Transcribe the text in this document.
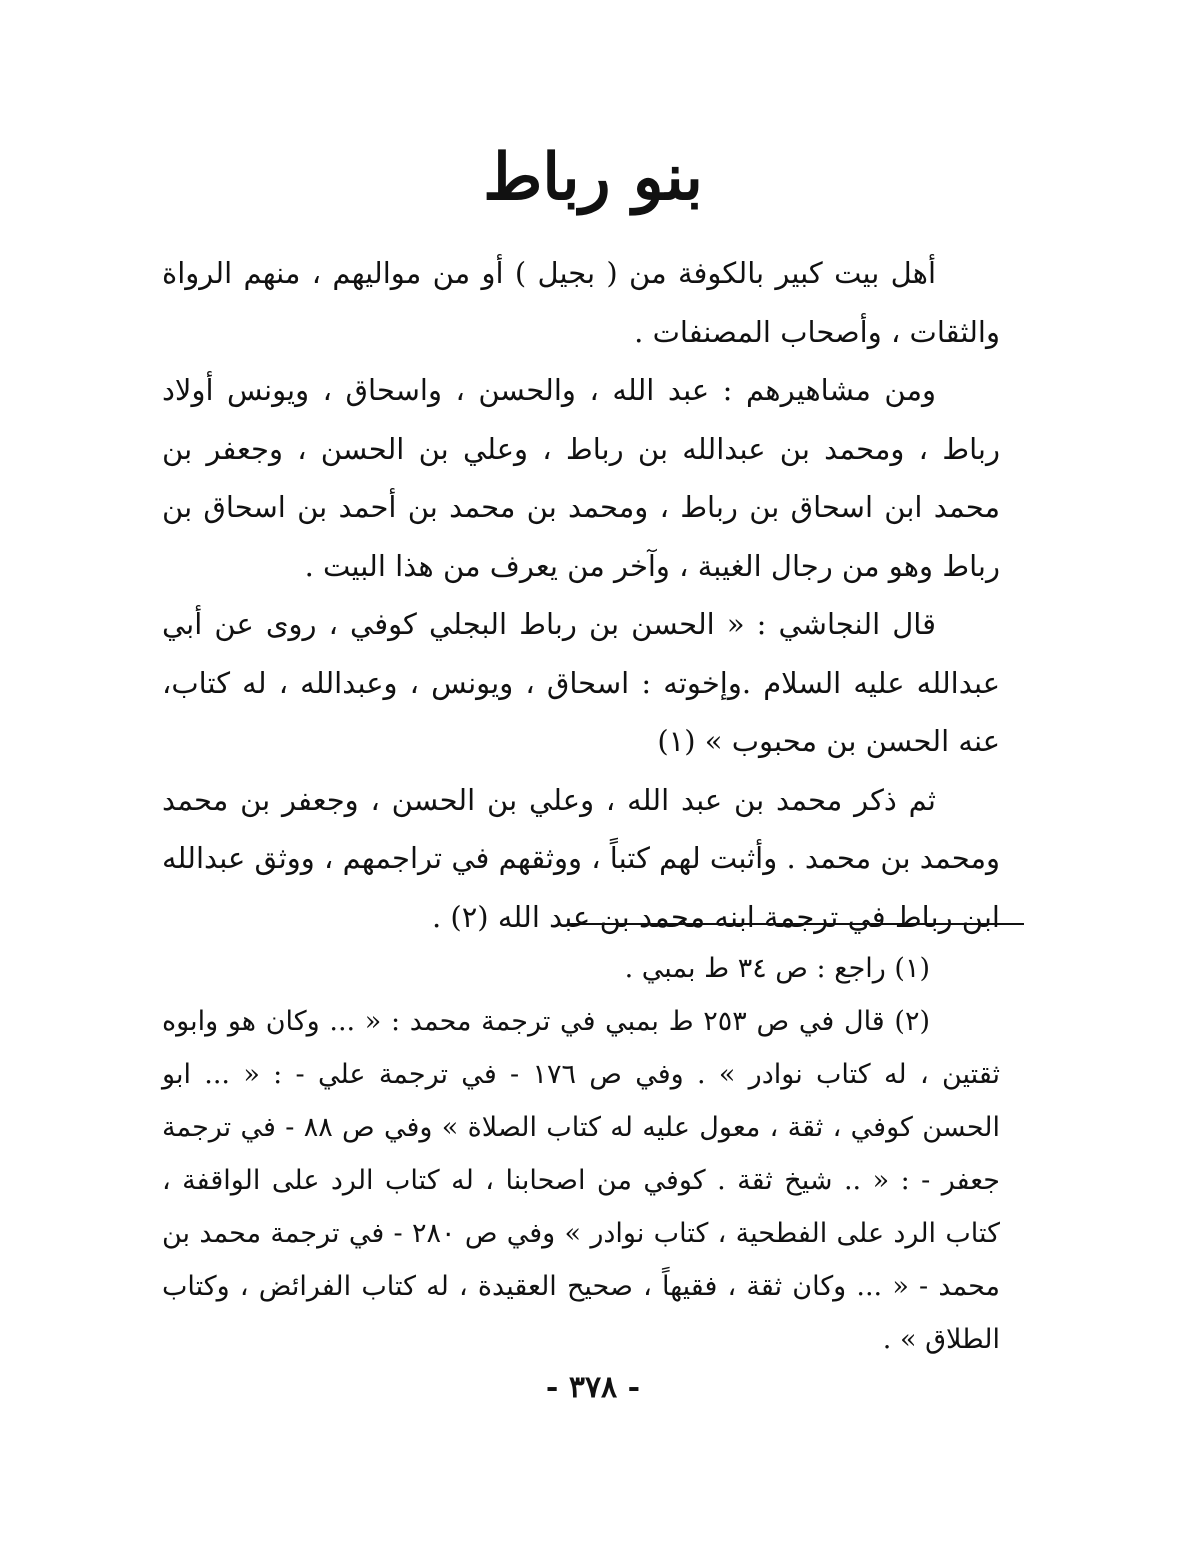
بنو رباط

أهل بيت كبير بالكوفة من ( بجيل ) أو من مواليهم ، منهم الرواة والثقات ، وأصحاب المصنفات .

ومن مشاهيرهم : عبد الله ، والحسن ، واسحاق ، ويونس أولاد رباط ، ومحمد بن عبدالله بن رباط ، وعلي بن الحسن ، وجعفر بن محمد ابن اسحاق بن رباط ، ومحمد بن محمد بن أحمد بن اسحاق بن رباط وهو من رجال الغيبة ، وآخر من يعرف من هذا البيت .

قال النجاشي : « الحسن بن رباط البجلي كوفي ، روى عن أبي عبدالله عليه السلام .وإخوته : اسحاق ، ويونس ، وعبدالله ، له كتاب، عنه الحسن بن محبوب » (١)

ثم ذكر محمد بن عبد الله ، وعلي بن الحسن ، وجعفر بن محمد ومحمد بن محمد . وأثبت لهم كتباً ، ووثقهم في تراجمهم ، ووثق عبدالله ابن رباط في ترجمة ابنه محمد بن عبد الله (٢) .

(١) راجع : ص ٣٤ ط بمبي .

(٢) قال في ص ٢٥٣ ط بمبي في ترجمة محمد : « ... وكان هو وابوه ثقتين ، له كتاب نوادر » . وفي ص ١٧٦ - في ترجمة علي - : « ... ابو الحسن كوفي ، ثقة ، معول عليه له كتاب الصلاة » وفي ص ٨٨ - في ترجمة جعفر - : « .. شيخ ثقة . كوفي من اصحابنا ، له كتاب الرد على الواقفة ، كتاب الرد على الفطحية ، كتاب نوادر » وفي ص ٢٨٠ - في ترجمة محمد بن محمد - « ... وكان ثقة ، فقيهاً ، صحيح العقيدة ، له كتاب الفرائض ، وكتاب الطلاق » .

- ٣٧٨ -
